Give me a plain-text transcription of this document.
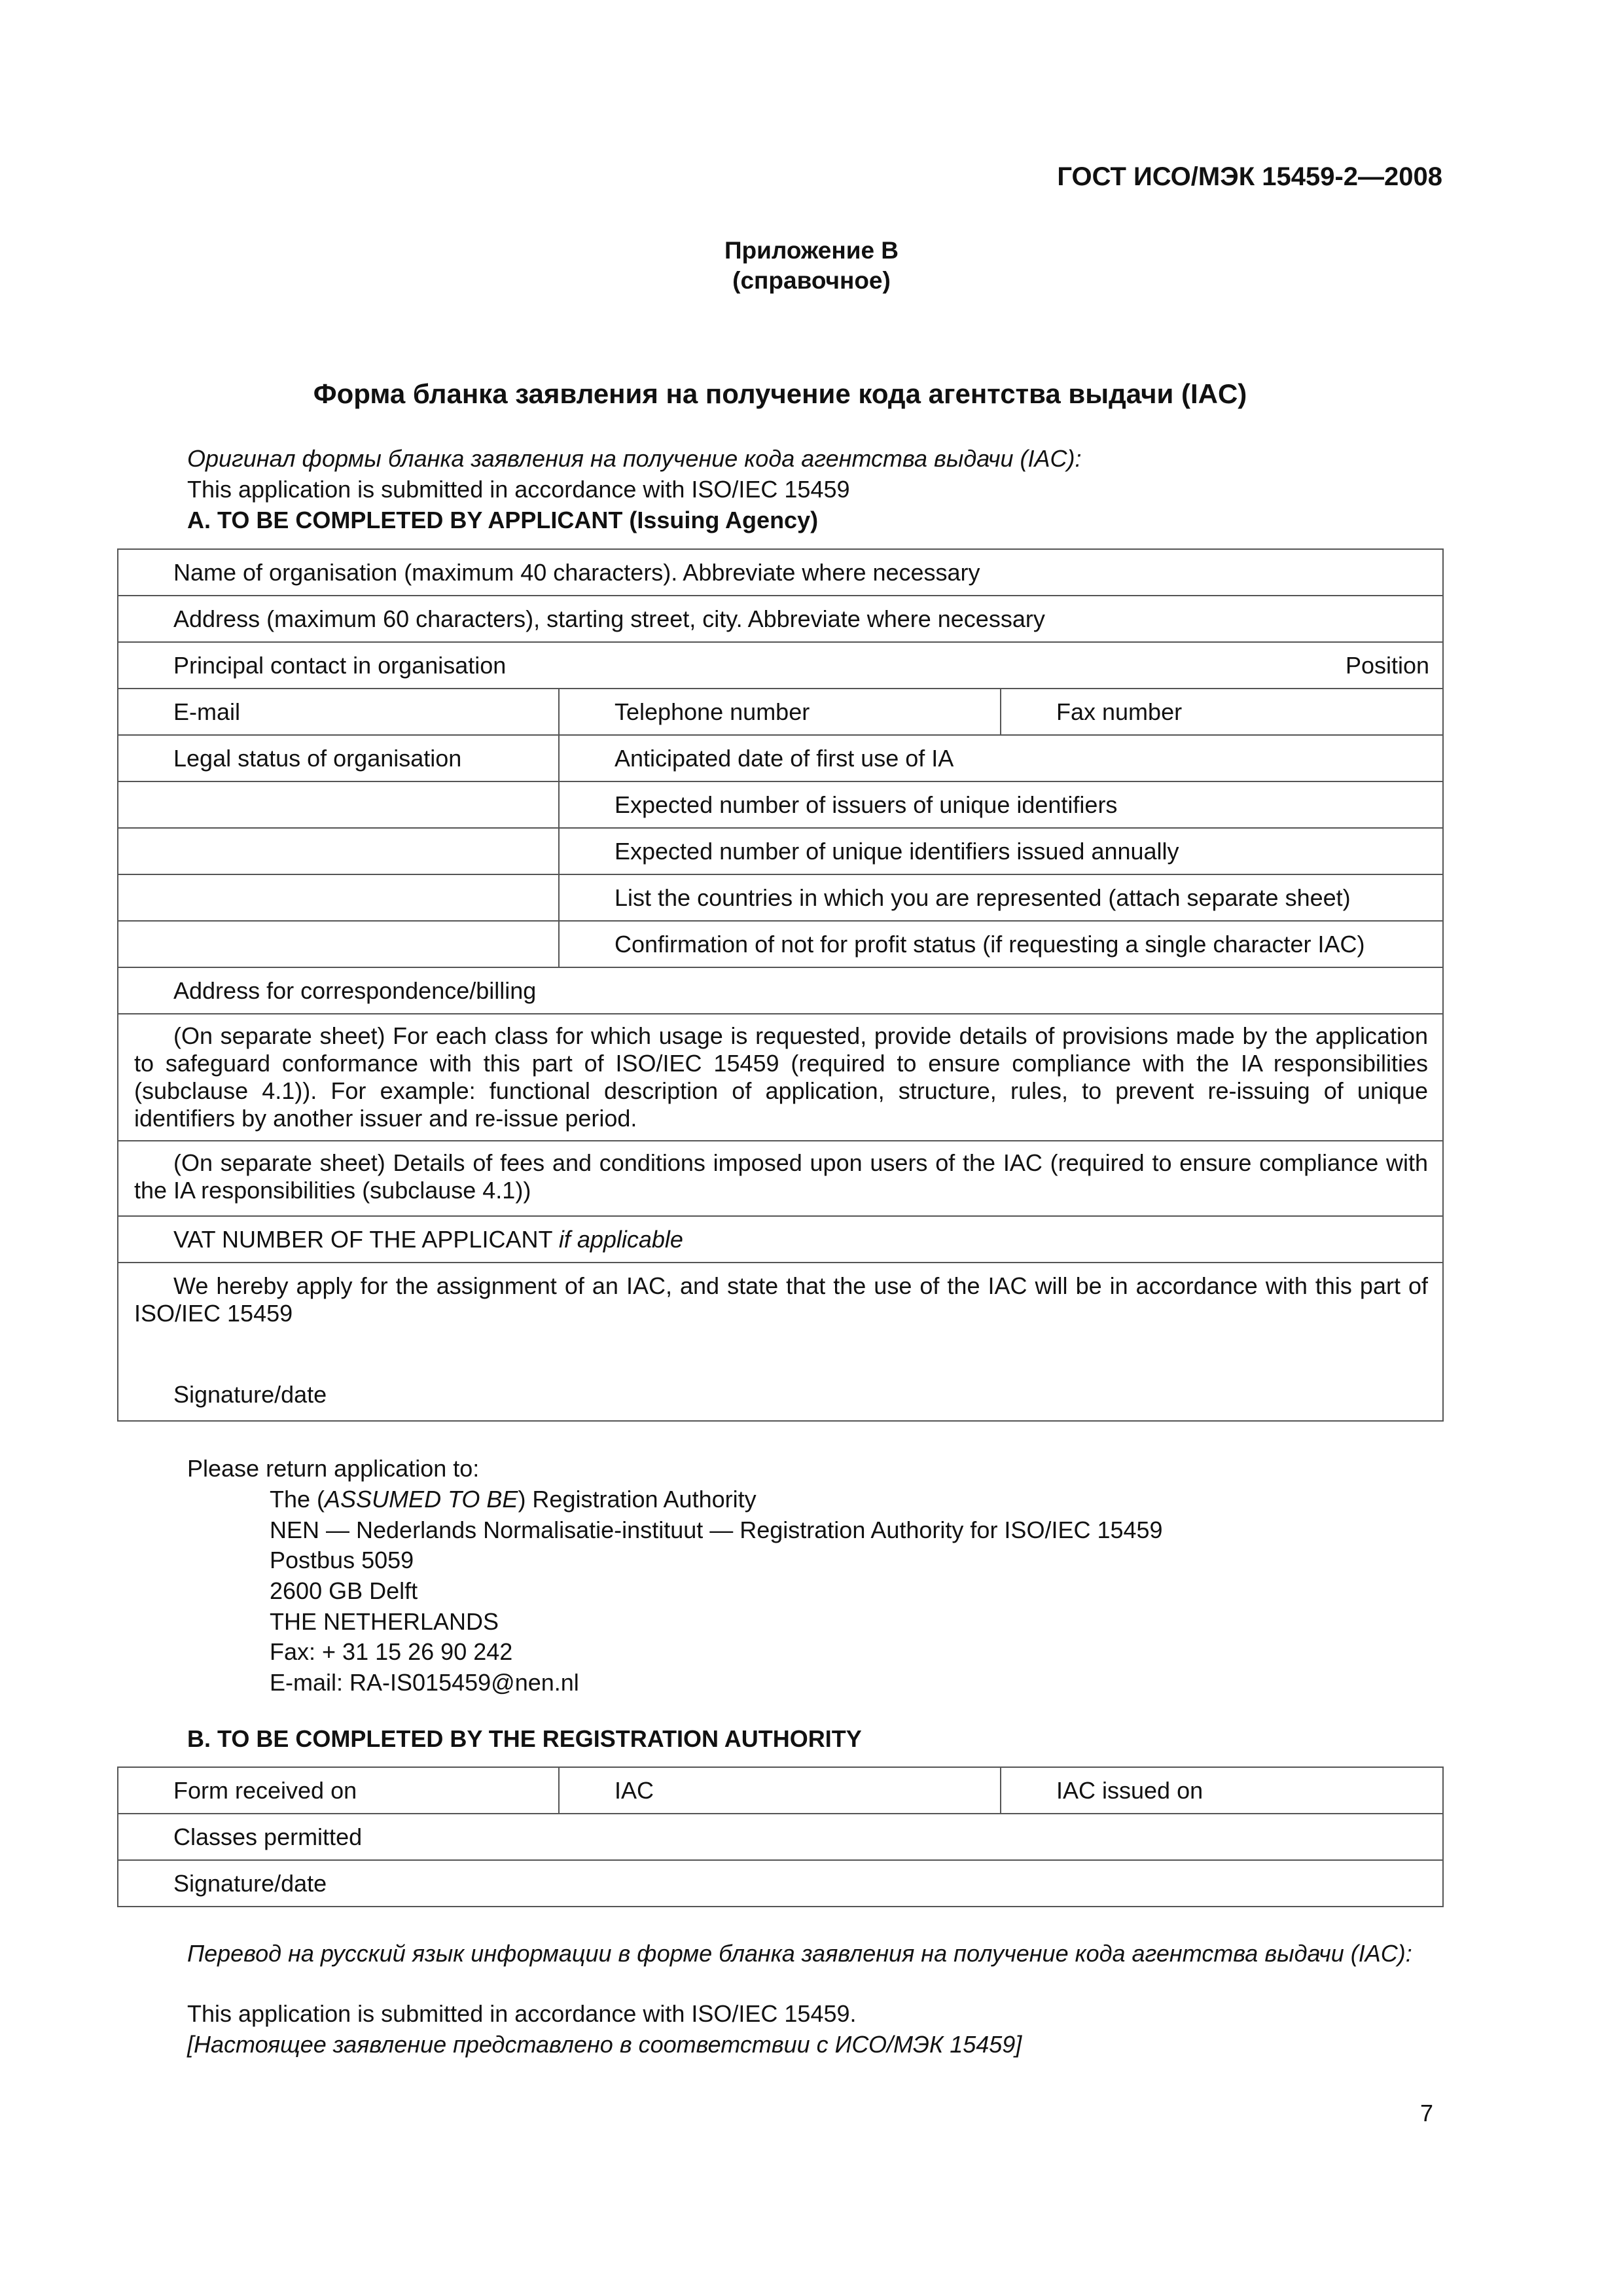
ГОСТ ИСО/МЭК 15459-2—2008
Приложение В
(справочное)
Форма бланка заявления на получение кода агентства выдачи (IAC)
Оригинал формы бланка заявления на получение кода агентства выдачи (IAC):
This application is submitted in accordance with ISO/IEC 15459
A. TO BE COMPLETED BY APPLICANT (Issuing Agency)
Name of organisation (maximum 40 characters). Abbreviate where necessary		
Address (maximum 60 characters), starting street, city. Abbreviate where necessary		
Principal contact in organisation Position		

E-mail	Telephone number	Fax number
Legal status of organisation	Anticipated date of first use of IA	
	Expected number of issuers of unique identifiers	
	Expected number of unique identifiers issued annually	
	List the countries in which you are represented (attach separate sheet)	
	Confirmation of not for profit status (if requesting a single character IAC)	
Address for correspondence/billing		
(On separate sheet) For each class for which usage is requested, provide details of provisions made by the application to safeguard conformance with this part of ISO/IEC 15459 (required to ensure compliance with the IA responsibilities (subclause 4.1)). For example: functional description of application, structure, rules, to prevent re-issuing of unique identifiers by another issuer and re-issue period.		
(On separate sheet) Details of fees and conditions imposed upon users of the IAC (required to ensure compliance with the IA responsibilities (subclause 4.1))		
VAT NUMBER OF THE APPLICANT if applicable		

We hereby apply for the assignment of an IAC, and state that the use of the IAC will be in accordance with this part of ISO/IEC 15459
Signature/date		
Please return application to:
The (ASSUMED TO BE) Registration Authority
NEN — Nederlands Normalisatie-instituut — Registration Authority for ISO/IEC 15459
Postbus 5059
2600 GB Delft
THE NETHERLANDS
Fax: + 31 15 26 90 242
E-mail: RA-IS015459@nen.nl
B. TO BE COMPLETED BY THE REGISTRATION AUTHORITY
Form received on	IAC	IAC issued on
Classes permitted
Signature/date
Перевод на русский язык информации в форме бланка заявления на получение кода агентства выдачи (IAC):
This application is submitted in accordance with ISO/IEC 15459.
[Настоящее заявление представлено в соответствии с ИСО/МЭК 15459]
7
